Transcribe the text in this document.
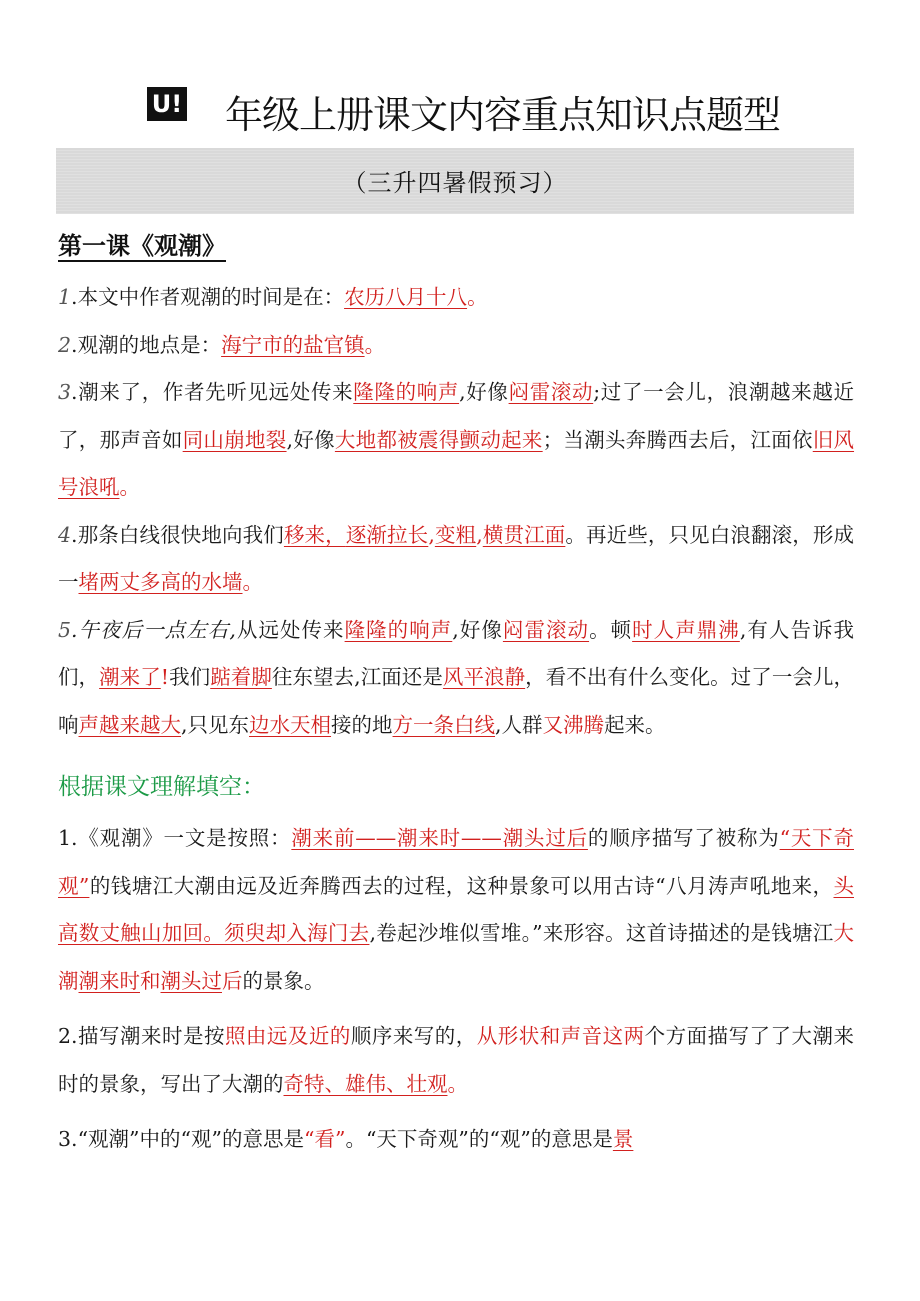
U! 年级上册课文内容重点知识点题型
（三升四暑假预习）
第一课《观潮》

1.本文中作者观潮的时间是在：农历八月十八。

2.观潮的地点是：海宁市的盐官镇。

3.潮来了，作者先听见远处传来隆隆的响声,好像闷雷滚动;过了一会儿，浪潮越来越近了，那声音如同山崩地裂,好像大地都被震得颤动起来；当潮头奔腾西去后，江面依旧风号浪吼。

4.那条白线很快地向我们移来，逐渐拉长,变粗,横贯江面。再近些，只见白浪翻滚，形成一堵两丈多高的水墙。

5.午夜后一点左右,从远处传来隆隆的响声,好像闷雷滚动。顿时人声鼎沸,有人告诉我们，潮来了!我们踮着脚往东望去,江面还是风平浪静，看不出有什么变化。过了一会儿，响声越来越大,只见东边水天相接的地方一条白线,人群又沸腾起来。

根据课文理解填空：

1.《观潮》一文是按照：潮来前——潮来时——潮头过后的顺序描写了被称为“天下奇观”的钱塘江大潮由远及近奔腾西去的过程，这种景象可以用古诗“八月涛声吼地来，头高数丈触山加回。须臾却入海门去,卷起沙堆似雪堆。”来形容。这首诗描述的是钱塘江大潮潮来时和潮头过后的景象。

2.描写潮来时是按照由远及近的顺序来写的，从形状和声音这两个方面描写了了大潮来时的景象，写出了大潮的奇特、雄伟、壮观。

3.“观潮”中的“观”的意思是“看”。“天下奇观”的“观”的意思是景
